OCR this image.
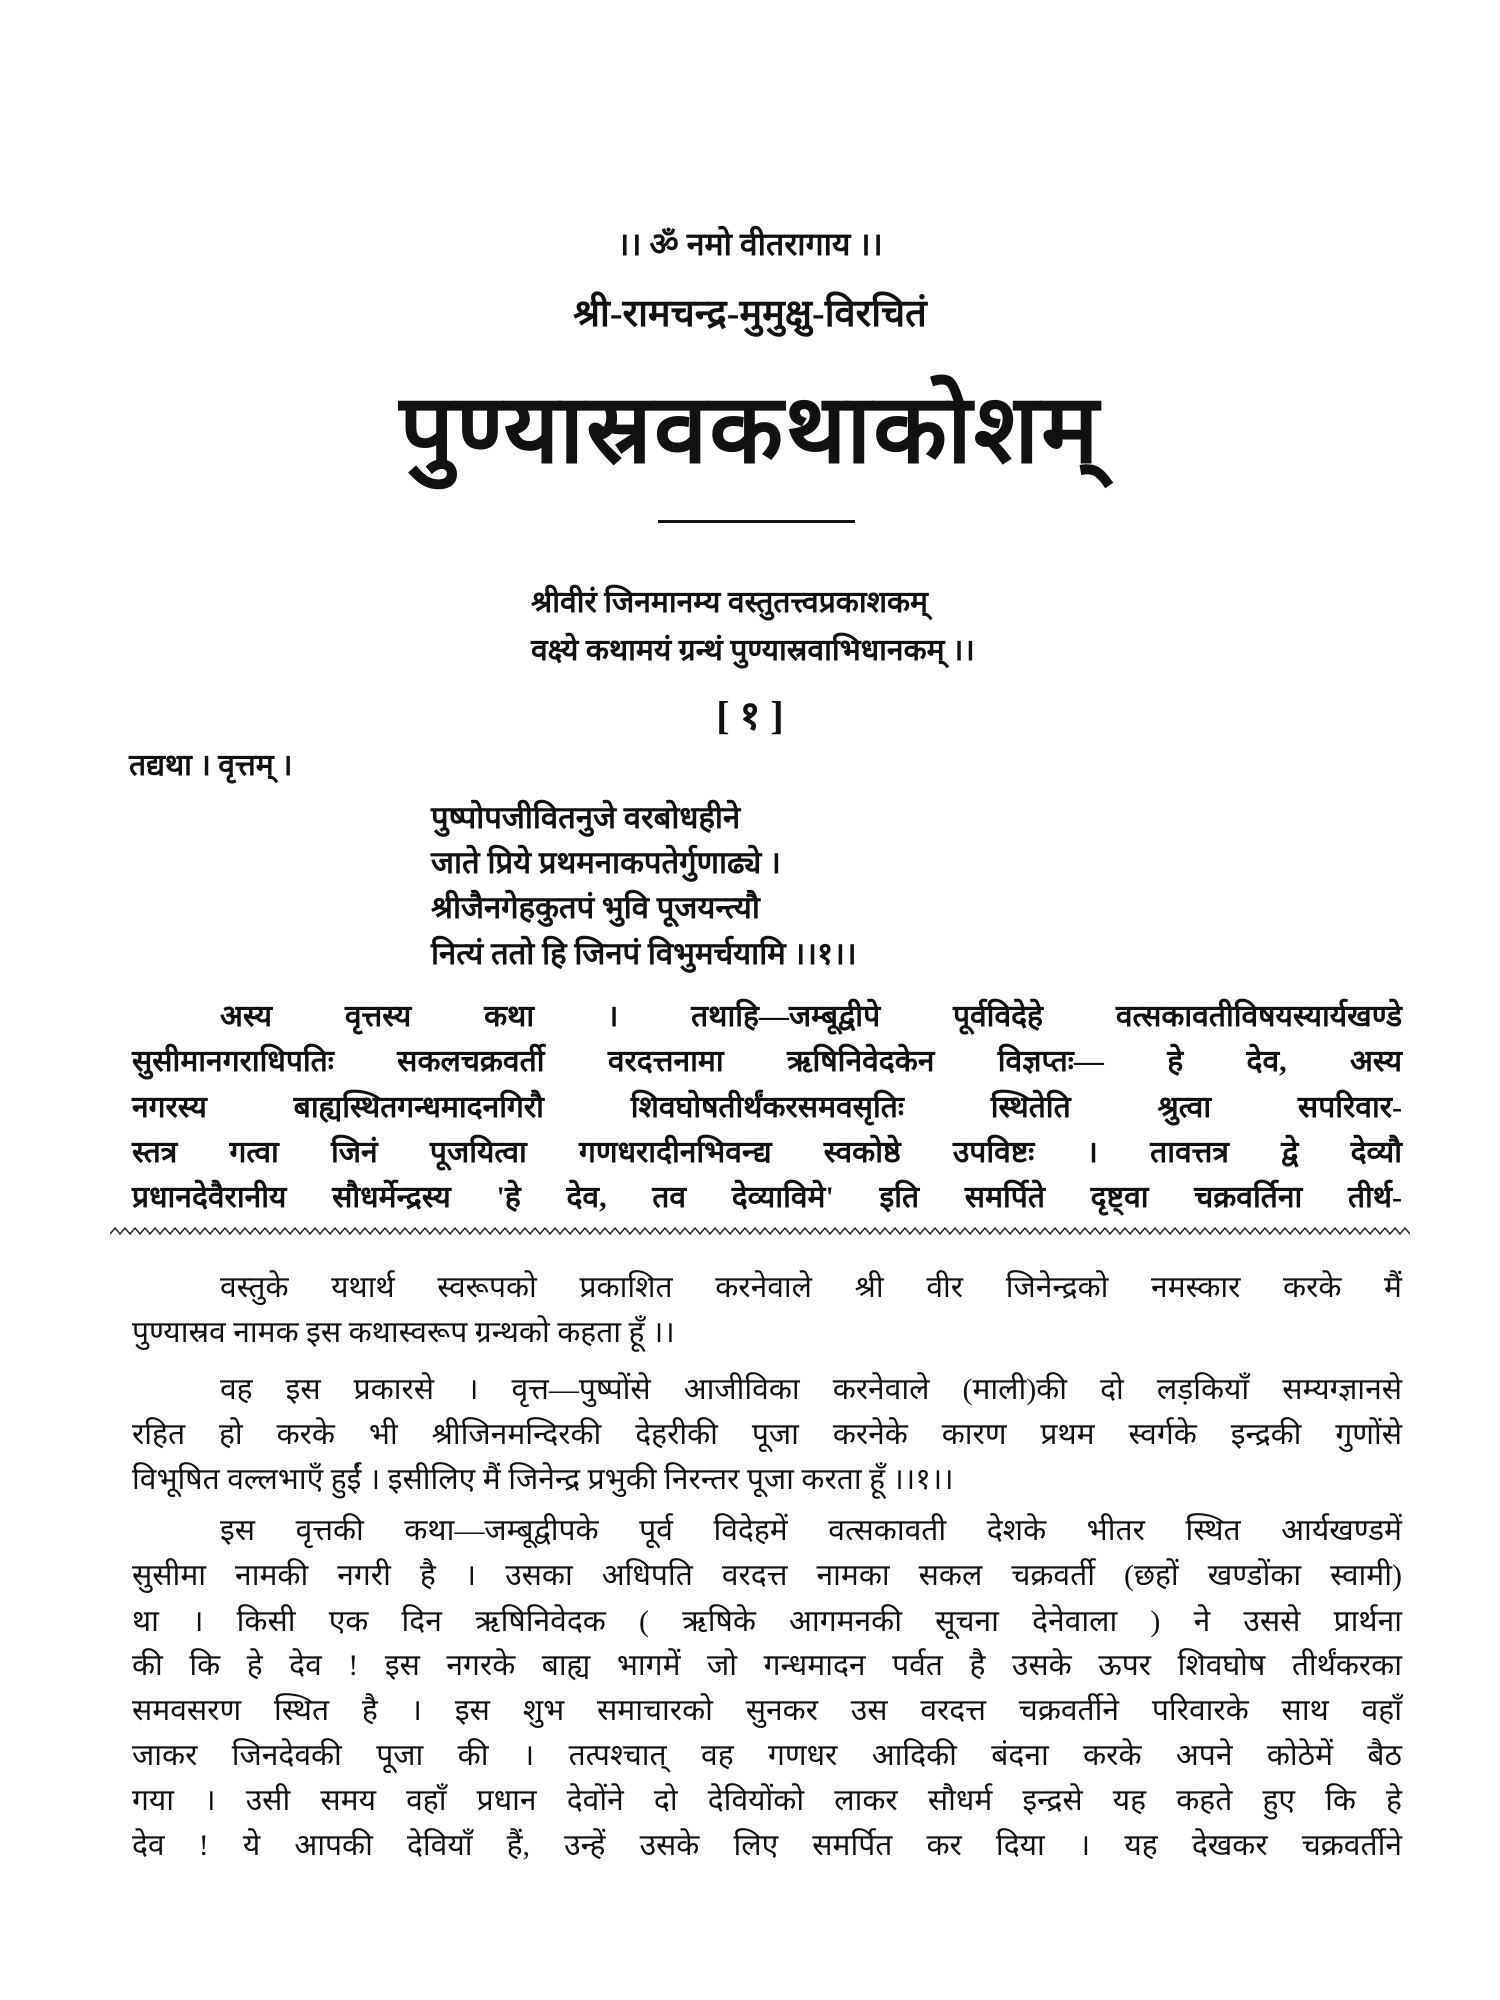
।। ॐ नमो वीतरागाय ।।
श्री-रामचन्द्र-मुमुक्षु-विरचितं
पुण्यास्रवकथाकोशम्
श्रीवीरं जिनमानम्य वस्तुतत्त्वप्रकाशकम्
वक्ष्ये कथामयं ग्रन्थं पुण्यास्रवाभिधानकम् ।।
[ १ ]
तद्यथा । वृत्तम् ।
पुष्पोपजीवितनुजे वरबोधहीने
जाते प्रिये प्रथमनाकपतेर्गुणाढ्ये ।
श्रीजैनगेहकुतपं भुवि पूजयन्त्यौ
नित्यं ततो हि जिनपं विभुमर्चयामि ।।१।।
अस्य वृत्तस्य कथा । तथाहि—जम्बूद्वीपे पूर्वविदेहे वत्सकावतीविषयस्यार्यखण्डे
सुसीमानगराधिपतिः सकलचक्रवर्ती वरदत्तनामा ऋषिनिवेदकेन विज्ञप्तः— हे देव, अस्य
नगरस्य बाह्यस्थितगन्धमादनगिरौ शिवघोषतीर्थंकरसमवसृतिः स्थितेति श्रुत्वा सपरिवार-
स्तत्र गत्वा जिनं पूजयित्वा गणधरादीनभिवन्द्य स्वकोष्ठे उपविष्टः । तावत्तत्र द्वे देव्यौ
प्रधानदेवैरानीय सौधर्मेन्द्रस्य 'हे देव, तव देव्याविमे' इति समर्पिते दृष्ट्वा चक्रवर्तिना तीर्थ-
वस्तुके यथार्थ स्वरूपको प्रकाशित करनेवाले श्री वीर जिनेन्द्रको नमस्कार करके मैं
पुण्यास्रव नामक इस कथास्वरूप ग्रन्थको कहता हूँ ।।
वह इस प्रकारसे । वृत्त—पुष्पोंसे आजीविका करनेवाले (माली)की दो लड़कियाँ सम्यग्ज्ञानसे
रहित हो करके भी श्रीजिनमन्दिरकी देहरीकी पूजा करनेके कारण प्रथम स्वर्गके इन्द्रकी गुणोंसे
विभूषित वल्लभाएँ हुईं । इसीलिए मैं जिनेन्द्र प्रभुकी निरन्तर पूजा करता हूँ ।।१।।
इस वृत्तकी कथा—जम्बूद्वीपके पूर्व विदेहमें वत्सकावती देशके भीतर स्थित आर्यखण्डमें
सुसीमा नामकी नगरी है । उसका अधिपति वरदत्त नामका सकल चक्रवर्ती (छहों खण्डोंका स्वामी)
था । किसी एक दिन ऋषिनिवेदक ( ऋषिके आगमनकी सूचना देनेवाला ) ने उससे प्रार्थना
की कि हे देव ! इस नगरके बाह्य भागमें जो गन्धमादन पर्वत है उसके ऊपर शिवघोष तीर्थंकरका
समवसरण स्थित है । इस शुभ समाचारको सुनकर उस वरदत्त चक्रवर्तीने परिवारके साथ वहाँ
जाकर जिनदेवकी पूजा की । तत्पश्चात् वह गणधर आदिकी बंदना करके अपने कोठेमें बैठ
गया । उसी समय वहाँ प्रधान देवोंने दो देवियोंको लाकर सौधर्म इन्द्रसे यह कहते हुए कि हे
देव ! ये आपकी देवियाँ हैं, उन्हें उसके लिए समर्पित कर दिया । यह देखकर चक्रवर्तीने
